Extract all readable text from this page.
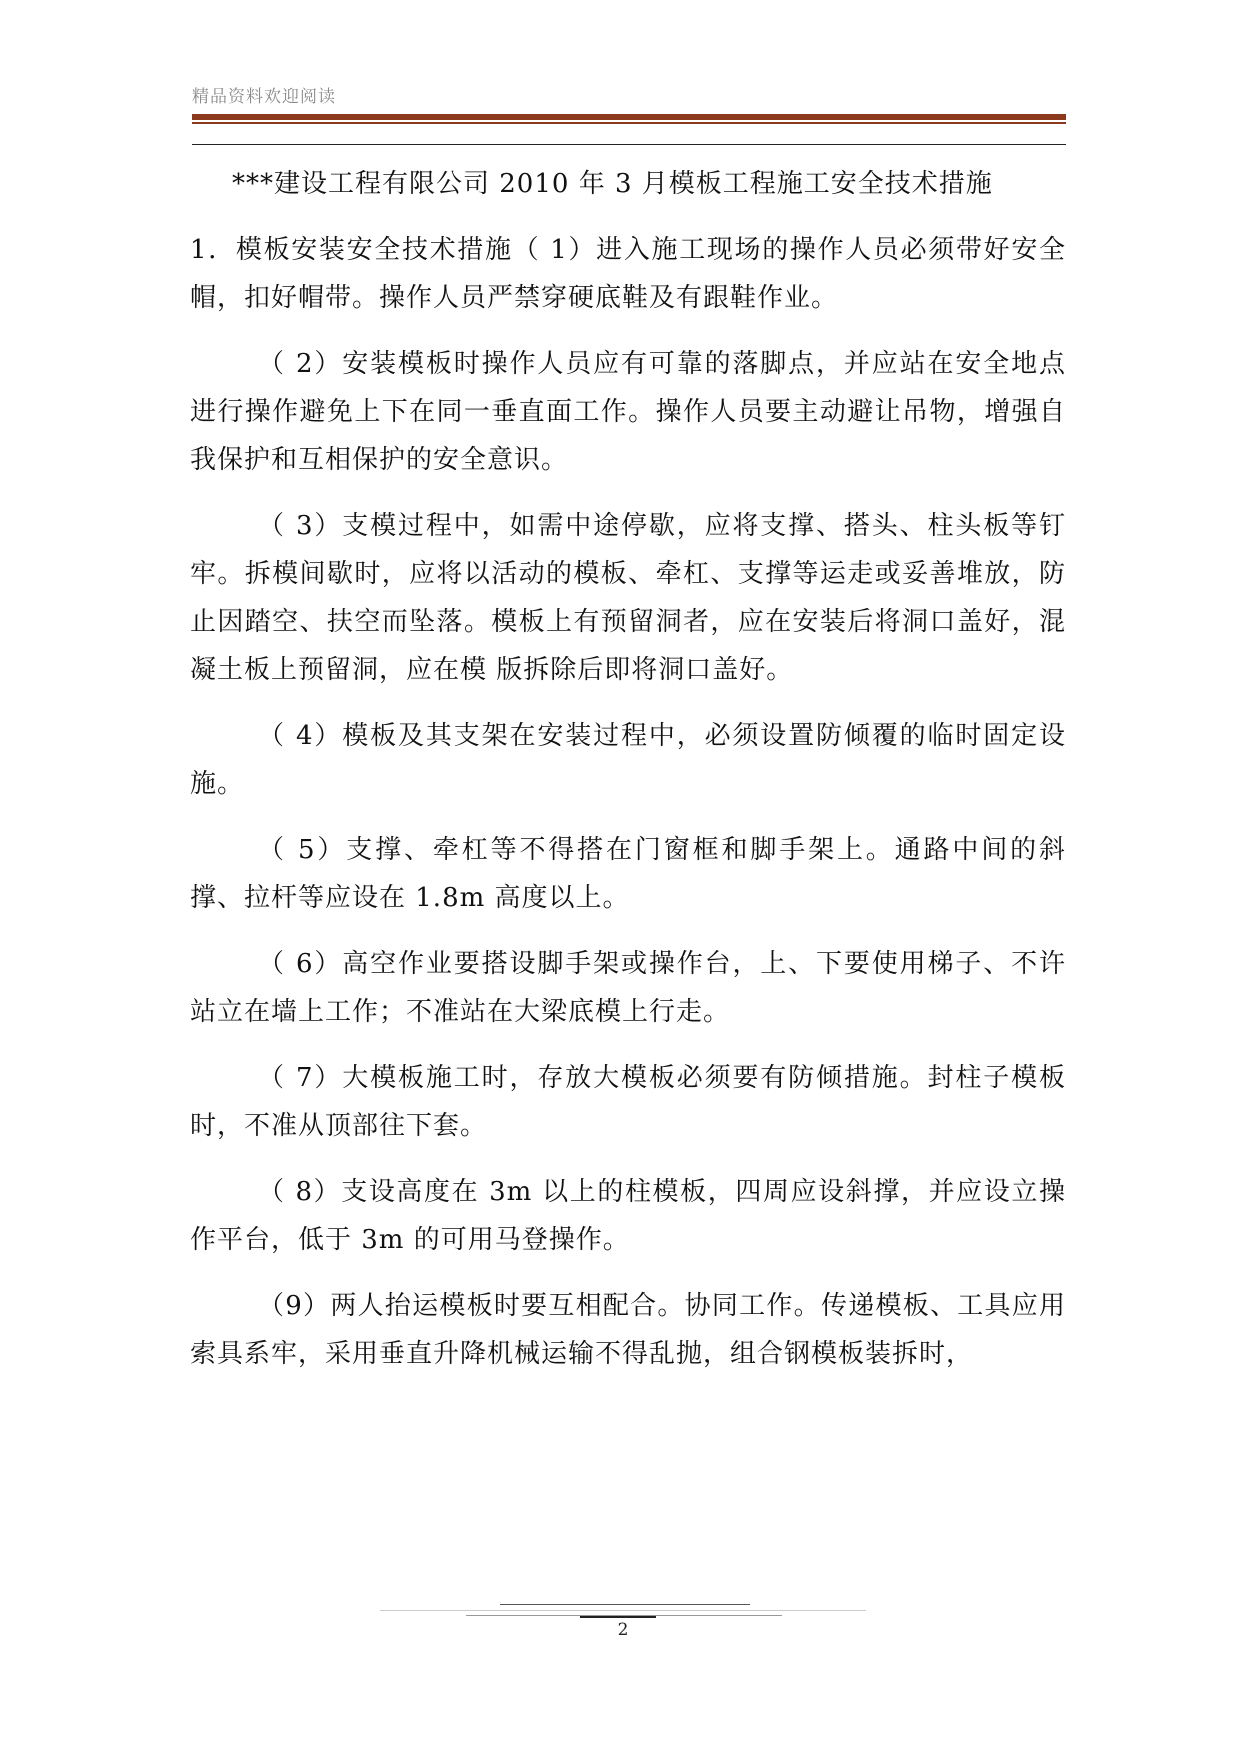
精品资料欢迎阅读

***建设工程有限公司 2010 年 3 月模板工程施工安全技术措施

1．模板安装安全技术措施（ 1）进入施工现场的操作人员必须带好安全帽，扣好帽带。操作人员严禁穿硬底鞋及有跟鞋作业。

（ 2）安装模板时操作人员应有可靠的落脚点，并应站在安全地点进行操作避免上下在同一垂直面工作。操作人员要主动避让吊物，增强自我保护和互相保护的安全意识。

（ 3）支模过程中，如需中途停歇，应将支撑、搭头、柱头板等钉牢。拆模间歇时，应将以活动的模板、牵杠、支撑等运走或妥善堆放，防止因踏空、扶空而坠落。模板上有预留洞者，应在安装后将洞口盖好，混凝土板上预留洞，应在模 版拆除后即将洞口盖好。

（ 4）模板及其支架在安装过程中，必须设置防倾覆的临时固定设施。

（ 5）支撑、牵杠等不得搭在门窗框和脚手架上。通路中间的斜撑、拉杆等应设在 1.8m 高度以上。

（ 6）高空作业要搭设脚手架或操作台，上、下要使用梯子、不许站立在墙上工作；不准站在大梁底模上行走。

（ 7）大模板施工时，存放大模板必须要有防倾措施。封柱子模板时，不准从顶部往下套。

（ 8）支设高度在 3m 以上的柱模板，四周应设斜撑，并应设立操作平台，低于 3m 的可用马登操作。

（9）两人抬运模板时要互相配合。协同工作。传递模板、工具应用索具系牢，采用垂直升降机械运输不得乱抛，组合钢模板装拆时，

2
